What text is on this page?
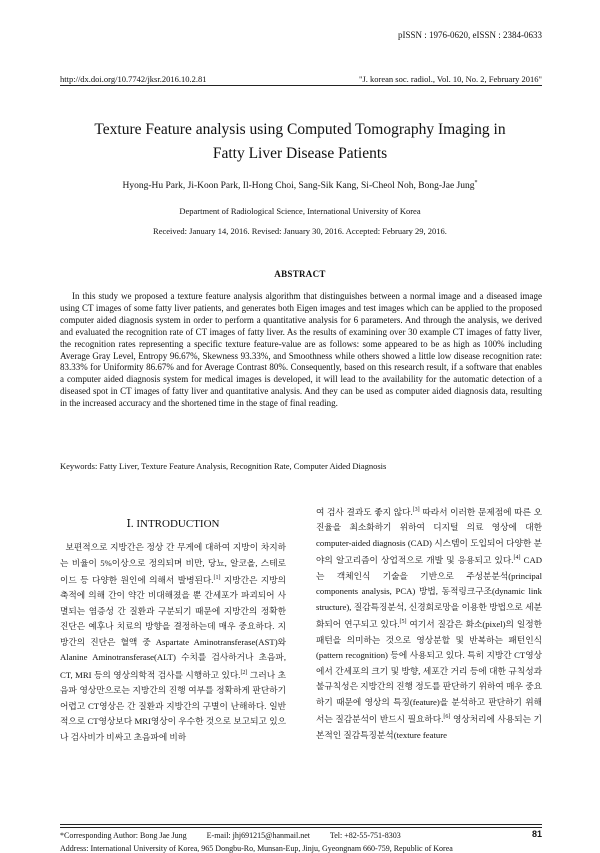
pISSN : 1976-0620, eISSN : 2384-0633
http://dx.doi.org/10.7742/jksr.2016.10.2.81	"J. korean soc. radiol., Vol. 10, No. 2, February 2016"
Texture Feature analysis using Computed Tomography Imaging in
Fatty Liver Disease Patients
Hyong-Hu Park, Ji-Koon Park, Il-Hong Choi, Sang-Sik Kang, Si-Cheol Noh, Bong-Jae Jung*
Department of Radiological Science, International University of Korea
Received: January 14, 2016. Revised: January 30, 2016. Accepted: February 29, 2016.
ABSTRACT

In this study we proposed a texture feature analysis algorithm that distinguishes between a normal image and a diseased image using CT images of some fatty liver patients, and generates both Eigen images and test images which can be applied to the proposed computer aided diagnosis system in order to perform a quantitative analysis for 6 parameters. And through the analysis, we derived and evaluated the recognition rate of CT images of fatty liver. As the results of examining over 30 example CT images of fatty liver, the recognition rates representing a specific texture feature-value are as follows: some appeared to be as high as 100% including Average Gray Level, Entropy 96.67%, Skewness 93.33%, and Smoothness while others showed a little low disease recognition rate: 83.33% for Uniformity 86.67% and for Average Contrast 80%. Consequently, based on this research result, if a software that enables a computer aided diagnosis system for medical images is developed, it will lead to the availability for the automatic detection of a diseased spot in CT images of fatty liver and quantitative analysis. And they can be used as computer aided diagnosis data, resulting in the increased accuracy and the shortened time in the stage of final reading.

Keywords: Fatty Liver, Texture Feature Analysis, Recognition Rate, Computer Aided Diagnosis
Ⅰ. INTRODUCTION

보편적으로 지방간은 정상 간 무게에 대하여 지방이 차지하는 비율이 5%이상으로 정의되며 비만, 당뇨, 알코올, 스테로이드 등 다양한 원인에 의해서 발병된다.[1] 지방간은 지방의 축적에 의해 간이 약간 비대해졌을 뿐 간세포가 파괴되어 사멸되는 염증성 간 질환과 구분되기 때문에 지방간의 정확한 진단은 예후나 치료의 방향을 결정하는데 매우 중요하다. 지방간의 진단은 혈액 중 Aspartate Aminotransferase(AST)와 Alanine Aminotransferase(ALT) 수치를 검사하거나 초음파, CT, MRI 등의 영상의학적 검사를 시행하고 있다.[2] 그러나 초음파 영상만으로는 지방간의 진행 여부를 정확하게 판단하기 어렵고 CT영상은 간 질환과 지방간의 구별이 난해하다. 일반적으로 CT영상보다 MRI영상이 우수한 것으로 보고되고 있으나 검사비가 비싸고 초음파에 비하

여 검사 결과도 좋지 않다.[3] 따라서 이러한 문제점에 따른 오진율을 최소화하기 위하여 디지털 의료 영상에 대한 computer-aided diagnosis (CAD) 시스템이 도입되어 다양한 분야의 알고리즘이 상업적으로 개발 및 응용되고 있다.[4] CAD는 객체인식 기술을 기반으로 주성분분석(principal components analysis, PCA) 방법, 동적링크구조(dynamic link structure), 질감특징분석, 신경회로망을 이용한 방법으로 세분화되어 연구되고 있다.[5] 여기서 질감은 화소(pixel)의 일정한 패턴을 의미하는 것으로 영상분할 및 반복하는 패턴인식(pattern recognition) 등에 사용되고 있다. 특히 지방간 CT영상에서 간세포의 크기 및 방향, 세포간 거리 등에 대한 규칙성과 불규칙성은 지방간의 진행 정도를 판단하기 위하여 매우 중요하기 때문에 영상의 특징(feature)을 분석하고 판단하기 위해서는 질감분석이 반드시 필요하다.[6] 영상처리에 사용되는 기본적인 질감특징분석(texture feature

81
*Corresponding Author: Bong Jae Jung          E-mail: jhj691215@hanmail.net          Tel: +82-55-751-8303
Address: International University of Korea, 965 Dongbu-Ro, Munsan-Eup, Jinju, Gyeongnam 660-759, Republic of Korea
